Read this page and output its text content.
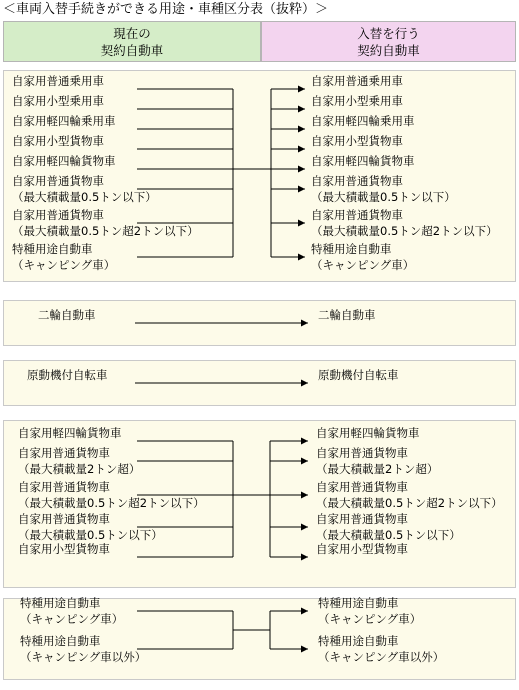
＜車両入替手続きができる用途・車種区分表（抜粋）＞
現在の
契約自動車
入替を行う
契約自動車
自家用普通乗用車
自家用小型乗用車
自家用軽四輪乗用車
自家用小型貨物車
自家用軽四輪貨物車
自家用普通貨物車
（最大積載量0.5トン以下）
自家用普通貨物車
（最大積載量0.5トン超2トン以下）
特種用途自動車
（キャンピング車）
自家用普通乗用車
自家用小型乗用車
自家用軽四輪乗用車
自家用小型貨物車
自家用軽四輪貨物車
自家用普通貨物車
（最大積載量0.5トン以下）
自家用普通貨物車
（最大積載量0.5トン超2トン以下）
特種用途自動車
（キャンピング車）
二輪自動車	二輪自動車
原動機付自転車	原動機付自転車
自家用軽四輪貨物車
自家用普通貨物車
（最大積載量2トン超）
自家用普通貨物車
（最大積載量0.5トン超2トン以下）
自家用普通貨物車
（最大積載量0.5トン以下）
自家用小型貨物車
自家用軽四輪貨物車
自家用普通貨物車
（最大積載量2トン超）
自家用普通貨物車
（最大積載量0.5トン超2トン以下）
自家用普通貨物車
（最大積載量0.5トン以下）
自家用小型貨物車
特種用途自動車
（キャンピング車）
特種用途自動車
（キャンピング車以外）
特種用途自動車
（キャンピング車）
特種用途自動車
（キャンピング車以外）
